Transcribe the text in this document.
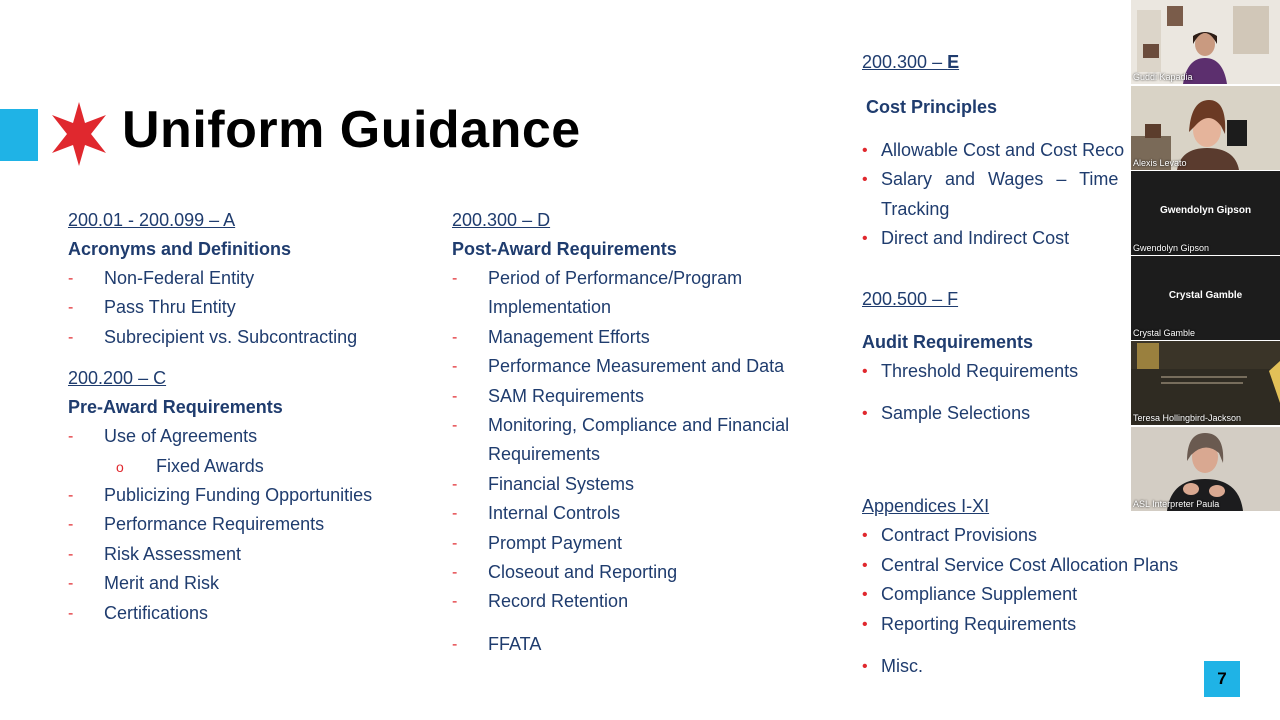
Uniform Guidance
200.01 - 200.099 – A
Acronyms and Definitions
- Non-Federal Entity
- Pass Thru Entity
- Subrecipient vs. Subcontracting
200.200 – C
Pre-Award Requirements
- Use of Agreements
o Fixed Awards
- Publicizing Funding Opportunities
- Performance Requirements
- Risk Assessment
- Merit and Risk
- Certifications
200.300 – D
Post-Award Requirements
- Period of Performance/Program
Implementation
- Management Efforts
- Performance Measurement and Data
- SAM Requirements
- Monitoring, Compliance and Financial
Requirements
- Financial Systems
- Internal Controls
- Prompt Payment
- Closeout and Reporting
- Record Retention
- FFATA
200.300 – E
Cost Principles
• Allowable Cost and Cost Reco
• Salary and Wages – Time
Tracking
• Direct and Indirect Cost
200.500 – F
Audit Requirements
• Threshold Requirements
• Sample Selections
Appendices I-XI
• Contract Provisions
• Central Service Cost Allocation Plans
• Compliance Supplement
• Reporting Requirements
• Misc.
7
Guddi Kapadia
Alexis Levato
Gwendolyn Gipson
Gwendolyn Gipson
Crystal Gamble
Crystal Gamble
Teresa Hollingbird-Jackson
ASL Interpreter Paula
